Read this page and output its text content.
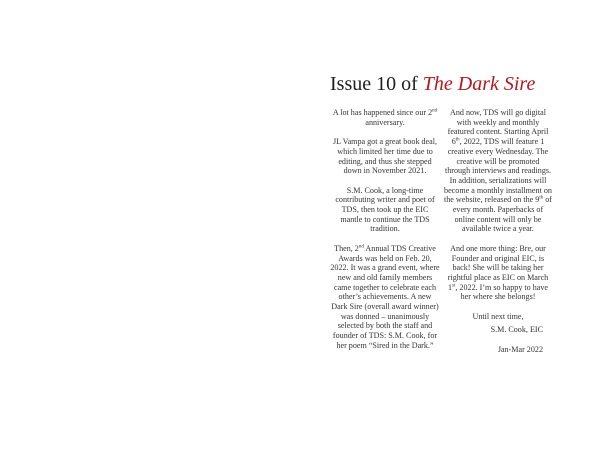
Issue 10 of The Dark Sire

A lot has happened since our 2nd anniversary.

JL Vampa got a great book deal, which limited her time due to editing, and thus she stepped down in November 2021.

S.M. Cook, a long-time contributing writer and poet of TDS, then took up the EIC mantle to continue the TDS tradition.

Then, 2nd Annual TDS Creative Awards was held on Feb. 20, 2022. It was a grand event, where new and old family members came together to celebrate each other’s achievements. A new Dark Sire (overall award winner) was donned – unanimously selected by both the staff and founder of TDS: S.M. Cook, for her poem “Sired in the Dark.”

And now, TDS will go digital with weekly and monthly featured content. Starting April 6th, 2022, TDS will feature 1 creative every Wednesday. The creative will be promoted through interviews and readings. In addition, serializations will become a monthly installment on the website, released on the 9th of every month. Paperbacks of online content will only be available twice a year.

And one more thing: Bre, our Founder and original EIC, is back! She will be taking her rightful place as EIC on March 1st, 2022. I’m so happy to have her where she belongs!

Until next time,

S.M. Cook, EIC

Jan-Mar 2022
